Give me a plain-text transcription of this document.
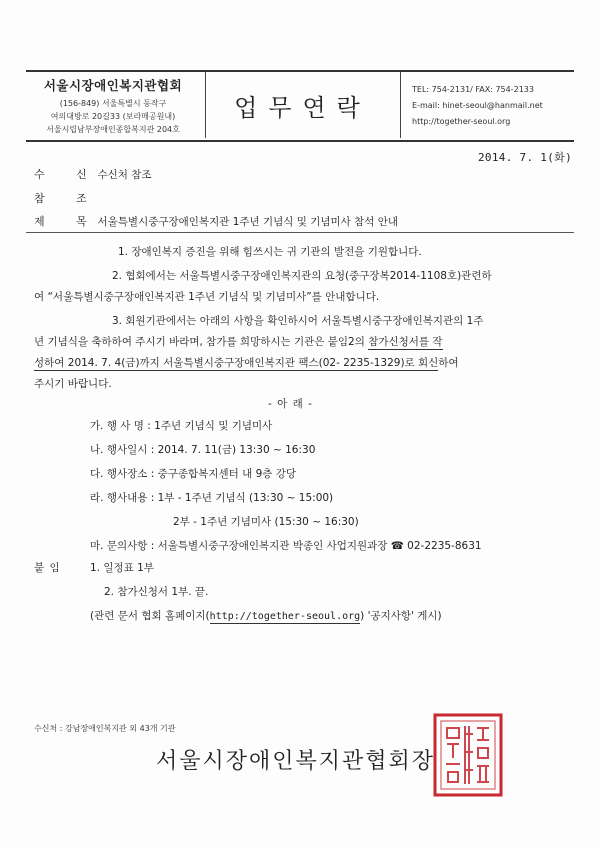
서울시장애인복지관협회
(156-849) 서울특별시 동작구
여의대방로 20길33 (보라매공원내)
서울시립남부장애인종합복지관 204호
업무연락
TEL: 754-2131/ FAX: 754-2133
E-mail: hinet-seoul@hanmail.net
http://together-seoul.org
2014. 7. 1(화)
수 신 수신처 참조
참 조
제 목 서울특별시중구장애인복지관 1주년 기념식 및 기념미사 참석 안내
1. 장애인복지 증진을 위해 힘쓰시는 귀 기관의 발전을 기원합니다.
2. 협회에서는 서울특별시중구장애인복지관의 요청(중구장복2014-1108호)관련하
여 “서울특별시중구장애인복지관 1주년 기념식 및 기념미사”를 안내합니다.
3. 회원기관에서는 아래의 사항을 확인하시어 서울특별시중구장애인복지관의 1주
년 기념식을 축하하여 주시기 바라며, 참가를 희망하시는 기관은 붙임2의 참가신청서를 작
성하여 2014. 7. 4(금)까지 서울특별시중구장애인복지관 팩스(02- 2235-1329)로 회신하여
주시기 바랍니다.
- 아 래 -
가. 행 사 명 : 1주년 기념식 및 기념미사
나. 행사일시 : 2014. 7. 11(금) 13:30 ~ 16:30
다. 행사장소 : 중구종합복지센터 내 9층 강당
라. 행사내용 : 1부 - 1주년 기념식 (13:30 ~ 15:00)
2부 - 1주년 기념미사 (15:30 ~ 16:30)
마. 문의사항 : 서울특별시중구장애인복지관 박종인 사업지원과장 ☎ 02-2235-8631
붙 임	1. 일정표 1부
2. 참가신청서 1부. 끝.
(관련 문서 협회 홈페이지(http://together-seoul.org) '공지사항' 게시)
수신처 : 강남장애인복지관 외 43개 기관
서울시장애인복지관협회장
